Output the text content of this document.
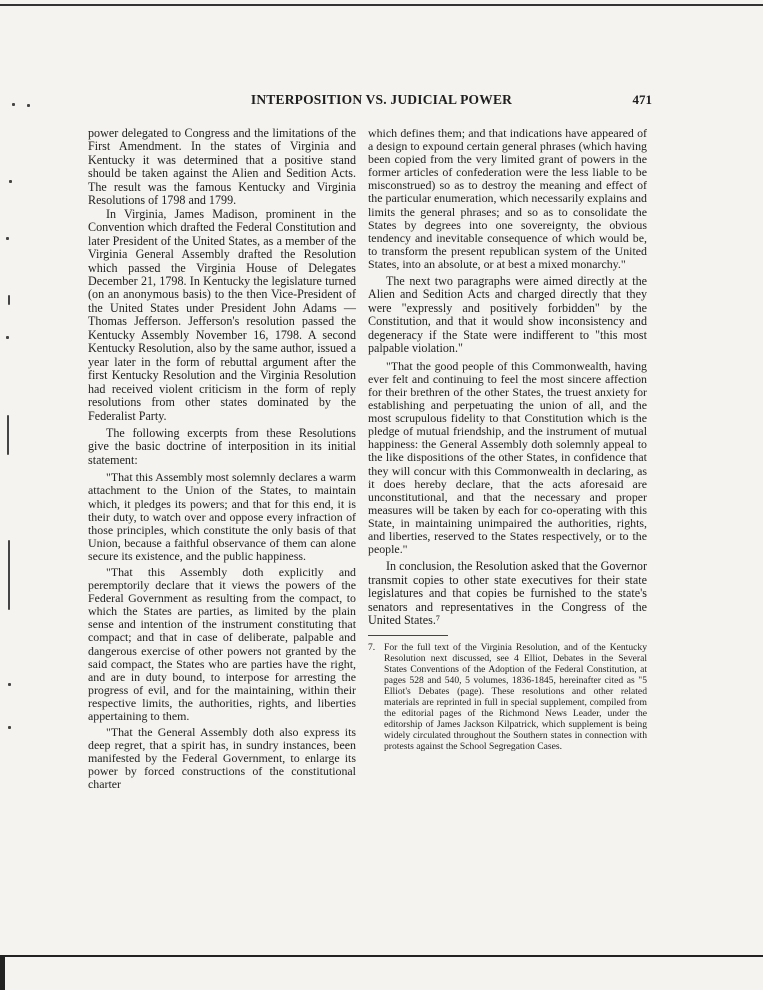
INTERPOSITION VS. JUDICIAL POWER	471

power delegated to Congress and the limitations of the First Amendment. In the states of Virginia and Kentucky it was determined that a positive stand should be taken against the Alien and Sedition Acts. The result was the famous Kentucky and Virginia Resolutions of 1798 and 1799.

In Virginia, James Madison, prominent in the Convention which drafted the Federal Constitution and later President of the United States, as a member of the Virginia General Assembly drafted the Resolution which passed the Virginia House of Delegates December 21, 1798. In Kentucky the legislature turned (on an anonymous basis) to the then Vice-President of the United States under President John Adams —Thomas Jefferson. Jefferson's resolution passed the Kentucky Assembly November 16, 1798. A second Kentucky Resolution, also by the same author, issued a year later in the form of rebuttal argument after the first Kentucky Resolution and the Virginia Resolution had received violent criticism in the form of reply resolutions from other states dominated by the Federalist Party.

The following excerpts from these Resolutions give the basic doctrine of interposition in its initial statement:

"That this Assembly most solemnly declares a warm attachment to the Union of the States, to maintain which, it pledges its powers; and that for this end, it is their duty, to watch over and oppose every infraction of those principles, which constitute the only basis of that Union, because a faithful observance of them can alone secure its existence, and the public happiness.

"That this Assembly doth explicitly and peremptorily declare that it views the powers of the Federal Government as resulting from the compact, to which the States are parties, as limited by the plain sense and intention of the instrument constituting that compact; and that in case of deliberate, palpable and dangerous exercise of other powers not granted by the said compact, the States who are parties have the right, and are in duty bound, to interpose for arresting the progress of evil, and for the maintaining, within their respective limits, the authorities, rights, and liberties appertaining to them.

"That the General Assembly doth also express its deep regret, that a spirit has, in sundry instances, been manifested by the Federal Government, to enlarge its power by forced constructions of the constitutional charter

which defines them; and that indications have appeared of a design to expound certain general phrases (which having been copied from the very limited grant of powers in the former articles of confederation were the less liable to be misconstrued) so as to destroy the meaning and effect of the particular enumeration, which necessarily explains and limits the general phrases; and so as to consolidate the States by degrees into one sovereignty, the obvious tendency and inevitable consequence of which would be, to transform the present republican system of the United States, into an absolute, or at best a mixed monarchy."

The next two paragraphs were aimed directly at the Alien and Sedition Acts and charged directly that they were "expressly and positively forbidden" by the Constitution, and that it would show inconsistency and degeneracy if the State were indifferent to "this most palpable violation."

"That the good people of this Commonwealth, having ever felt and continuing to feel the most sincere affection for their brethren of the other States, the truest anxiety for establishing and perpetuating the union of all, and the most scrupulous fidelity to that Constitution which is the pledge of mutual friendship, and the instrument of mutual happiness: the General Assembly doth solemnly appeal to the like dispositions of the other States, in confidence that they will concur with this Commonwealth in declaring, as it does hereby declare, that the acts aforesaid are unconstitutional, and that the necessary and proper measures will be taken by each for co-operating with this State, in maintaining unimpaired the authorities, rights, and liberties, reserved to the States respectively, or to the people."

In conclusion, the Resolution asked that the Governor transmit copies to other state executives for their state legislatures and that copies be furnished to the state's senators and representatives in the Congress of the United States.⁷

7. For the full text of the Virginia Resolution, and of the Kentucky Resolution next discussed, see 4 Elliot, Debates in the Several States Conventions of the Adoption of the Federal Constitution, at pages 528 and 540, 5 volumes, 1836-1845, hereinafter cited as "5 Elliot's Debates (page). These resolutions and other related materials are reprinted in full in special supplement, compiled from the editorial pages of the Richmond News Leader, under the editorship of James Jackson Kilpatrick, which supplement is being widely circulated throughout the Southern states in connection with protests against the School Segregation Cases.
